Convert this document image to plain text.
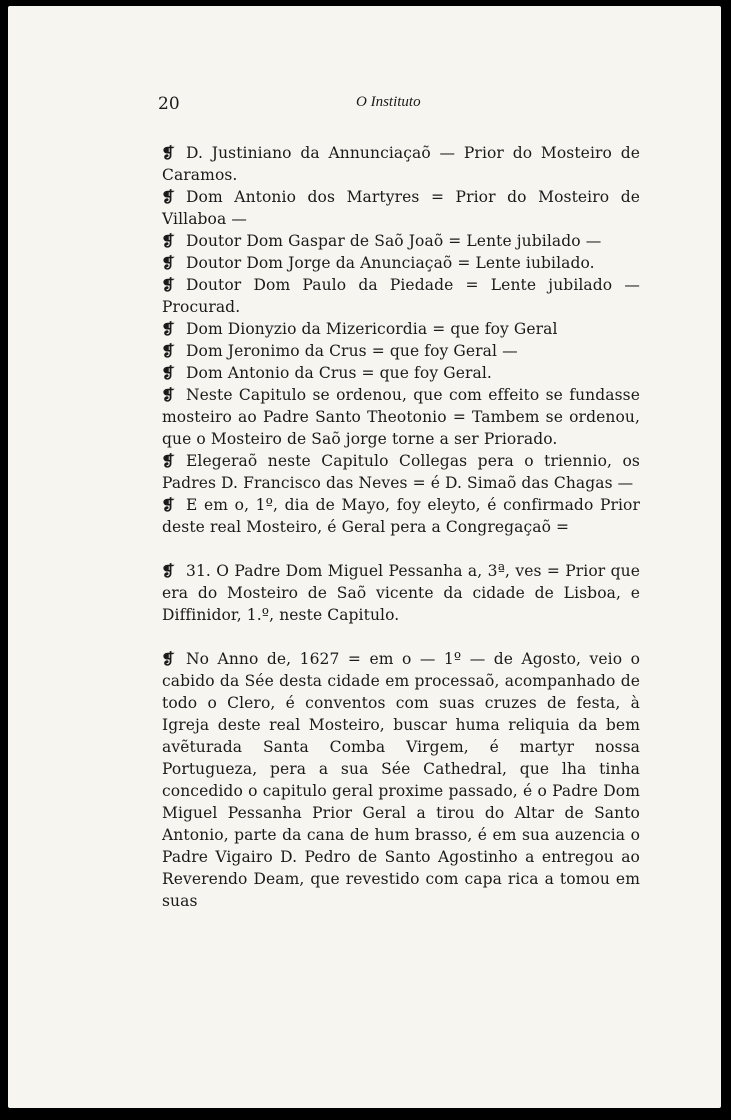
20	O Instituto

❡D. Justiniano da Annunciaçaõ — Prior do Mosteiro de Caramos.

❡Dom Antonio dos Martyres = Prior do Mosteiro de Villaboa —

❡Doutor Dom Gaspar de Saõ Joaõ = Lente jubilado —

❡Doutor Dom Jorge da Anunciaçaõ = Lente iubilado.

❡Doutor Dom Paulo da Piedade = Lente jubilado — Procurad.

❡Dom Dionyzio da Mizericordia = que foy Geral

❡Dom Jeronimo da Crus = que foy Geral —

❡Dom Antonio da Crus = que foy Geral.

❡Neste Capitulo se ordenou, que com effeito se fundasse mosteiro ao Padre Santo Theotonio = Tambem se ordenou, que o Mosteiro de Saõ jorge torne a ser Priorado.

❡Elegeraõ neste Capitulo Collegas pera o triennio, os Padres D. Francisco das Neves = é D. Simaõ das Chagas —

❡E em o, 1º, dia de Mayo, foy eleyto, é confirmado Prior deste real Mosteiro, é Geral pera a Congregaçaõ =

❡31. O Padre Dom Miguel Pessanha a, 3ª, ves = Prior que era do Mosteiro de Saõ vicente da cidade de Lisboa, e Diffinidor, 1.º, neste Capitulo.

❡No Anno de, 1627 = em o — 1º — de Agosto, veio o cabido da Sée desta cidade em processaõ, acompanhado de todo o Clero, é conventos com suas cruzes de festa, à Igreja deste real Mosteiro, buscar huma reliquia da bem avẽturada Santa Comba Virgem, é martyr nossa Portugueza, pera a sua Sée Cathedral, que lha tinha concedido o capitulo geral proxime passado, é o Padre Dom Miguel Pessanha Prior Geral a tirou do Altar de Santo Antonio, parte da cana de hum brasso, é em sua auzencia o Padre Vigairo D. Pedro de Santo Agostinho a entregou ao Reverendo Deam, que revestido com capa rica a tomou em suas
